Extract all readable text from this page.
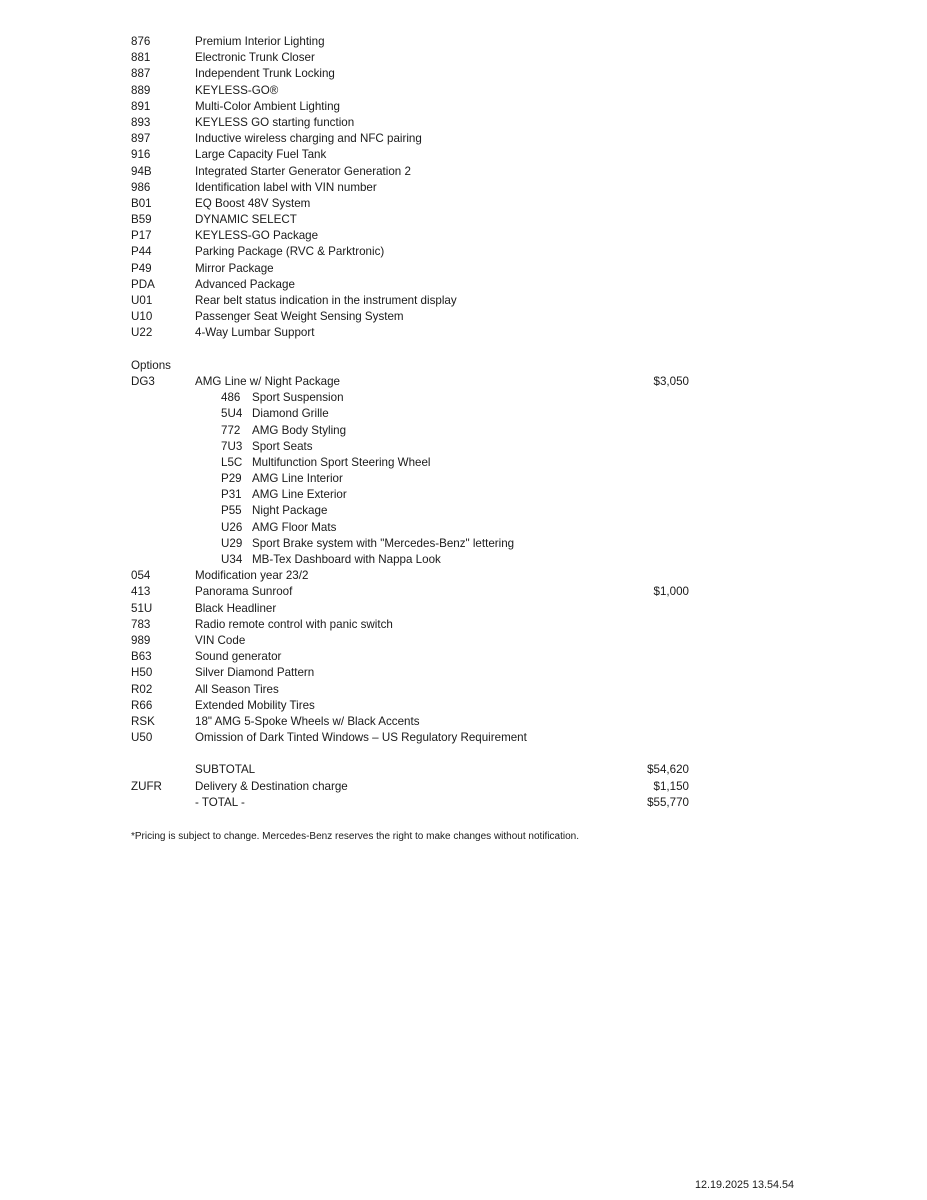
876	Premium Interior Lighting
881	Electronic Trunk Closer
887	Independent Trunk Locking
889	KEYLESS-GO®
891	Multi-Color Ambient Lighting
893	KEYLESS GO starting function
897	Inductive wireless charging and NFC pairing
916	Large Capacity Fuel Tank
94B	Integrated Starter Generator Generation 2
986	Identification label with VIN number
B01	EQ Boost 48V System
B59	DYNAMIC SELECT
P17	KEYLESS-GO Package
P44	Parking Package (RVC & Parktronic)
P49	Mirror Package
PDA	Advanced Package
U01	Rear belt status indication in the instrument display
U10	Passenger Seat Weight Sensing System
U22	4-Way Lumbar Support
Options
DG3	AMG Line w/ Night Package	$3,050
486 Sport Suspension
5U4 Diamond Grille
772 AMG Body Styling
7U3 Sport Seats
L5C Multifunction Sport Steering Wheel
P29 AMG Line Interior
P31 AMG Line Exterior
P55 Night Package
U26 AMG Floor Mats
U29 Sport Brake system with "Mercedes-Benz" lettering
U34 MB-Tex Dashboard with Nappa Look
054	Modification year 23/2
413	Panorama Sunroof	$1,000
51U	Black Headliner
783	Radio remote control with panic switch
989	VIN Code
B63	Sound generator
H50	Silver Diamond Pattern
R02	All Season Tires
R66	Extended Mobility Tires
RSK	18" AMG 5-Spoke Wheels w/ Black Accents
U50	Omission of Dark Tinted Windows – US Regulatory Requirement
SUBTOTAL	$54,620
ZUFR	Delivery & Destination charge	$1,150
- TOTAL -	$55,770
*Pricing is subject to change. Mercedes-Benz reserves the right to make changes without notification.
12.19.2025 13.54.54
